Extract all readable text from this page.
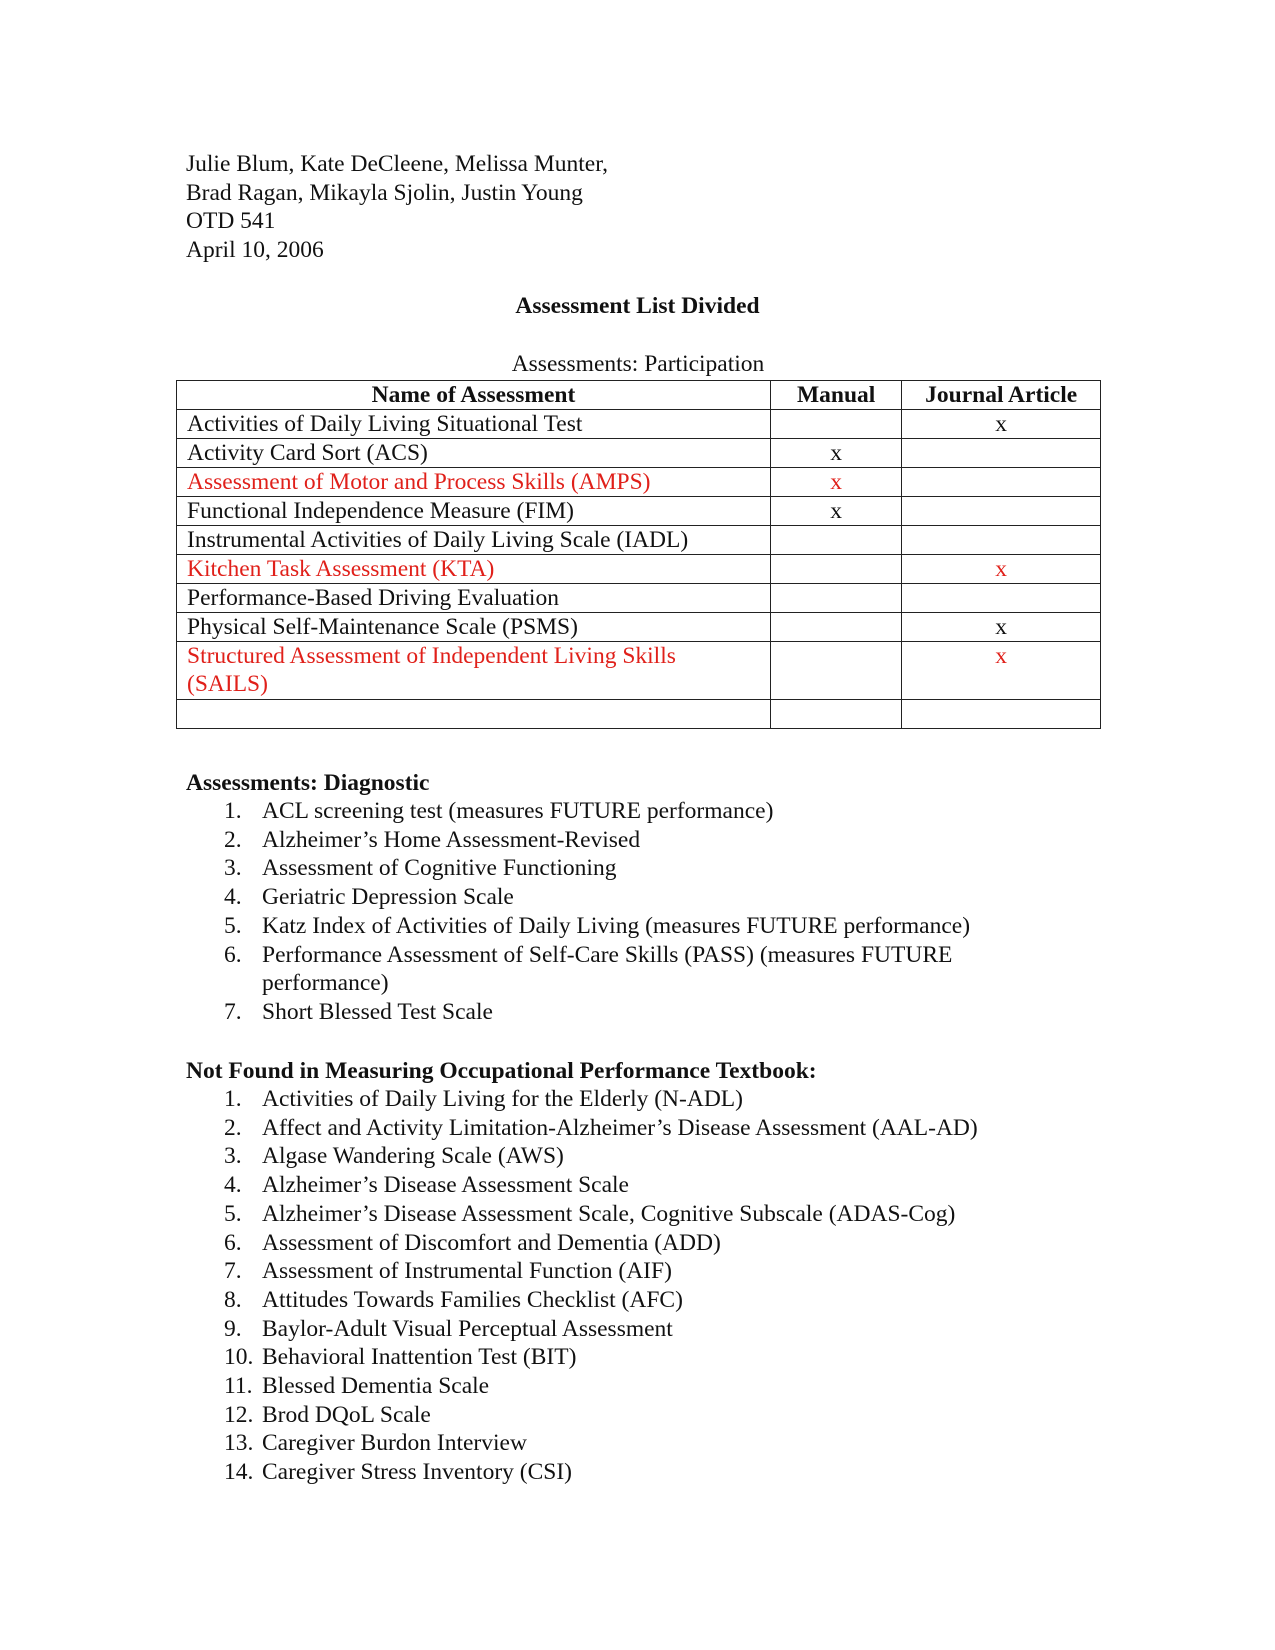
Julie Blum, Kate DeCleene, Melissa Munter,
Brad Ragan, Mikayla Sjolin, Justin Young
OTD 541
April 10, 2006
Assessment List Divided
Assessments: Participation
Name of Assessment	Manual	Journal Article
Activities of Daily Living Situational Test		x
Activity Card Sort (ACS)	x	
Assessment of Motor and Process Skills (AMPS)	x	
Functional Independence Measure (FIM)	x	
Instrumental Activities of Daily Living Scale (IADL)		
Kitchen Task Assessment (KTA)		x
Performance-Based Driving Evaluation		
Physical Self-Maintenance Scale (PSMS)		x
Structured Assessment of Independent Living Skills (SAILS)		x

Assessments: Diagnostic
1. ACL screening test (measures FUTURE performance)
2. Alzheimer’s Home Assessment-Revised
3. Assessment of Cognitive Functioning
4. Geriatric Depression Scale
5. Katz Index of Activities of Daily Living (measures FUTURE performance)
6. Performance Assessment of Self-Care Skills (PASS) (measures FUTURE performance)
7. Short Blessed Test Scale
Not Found in Measuring Occupational Performance Textbook:
1. Activities of Daily Living for the Elderly (N-ADL)
2. Affect and Activity Limitation-Alzheimer’s Disease Assessment (AAL-AD)
3. Algase Wandering Scale (AWS)
4. Alzheimer’s Disease Assessment Scale
5. Alzheimer’s Disease Assessment Scale, Cognitive Subscale (ADAS-Cog)
6. Assessment of Discomfort and Dementia (ADD)
7. Assessment of Instrumental Function (AIF)
8. Attitudes Towards Families Checklist (AFC)
9. Baylor-Adult Visual Perceptual Assessment
10. Behavioral Inattention Test (BIT)
11. Blessed Dementia Scale
12. Brod DQoL Scale
13. Caregiver Burdon Interview
14. Caregiver Stress Inventory (CSI)
